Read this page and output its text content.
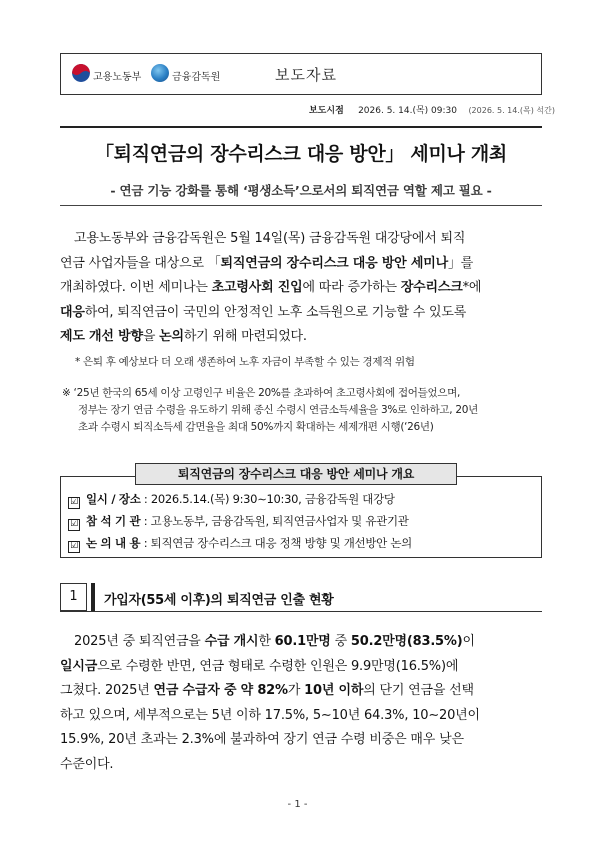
고용노동부	금융감독원	보도자료
보도시점 2026. 5. 14.(목) 09:30 (2026. 5. 14.(목) 석간)
「퇴직연금의 장수리스크 대응 방안」 세미나 개최
- 연금 기능 강화를 통해 ‘평생소득’으로서의 퇴직연금 역할 제고 필요 -
고용노동부와 금융감독원은 5월 14일(목) 금융감독원 대강당에서 퇴직
연금 사업자들을 대상으로 「퇴직연금의 장수리스크 대응 방안 세미나」를
개최하였다. 이번 세미나는 초고령사회 진입에 따라 증가하는 장수리스크*에
대응하여, 퇴직연금이 국민의 안정적인 노후 소득원으로 기능할 수 있도록
제도 개선 방향을 논의하기 위해 마련되었다.
* 은퇴 후 예상보다 더 오래 생존하여 노후 자금이 부족할 수 있는 경제적 위험
※ ‘25년 한국의 65세 이상 고령인구 비율은 20%를 초과하여 초고령사회에 접어들었으며,
정부는 장기 연금 수령을 유도하기 위해 종신 수령시 연금소득세율을 3%로 인하하고, 20년
초과 수령시 퇴직소득세 감면율을 최대 50%까지 확대하는 세제개편 시행(‘26년)
퇴직연금의 장수리스크 대응 방안 세미나 개요
☑ 일시 / 장소 : 2026.5.14.(목) 9:30∼10:30, 금융감독원 대강당
☑ 참 석 기 관 : 고용노동부, 금융감독원, 퇴직연금사업자 및 유관기관
☑ 논 의 내 용 : 퇴직연금 장수리스크 대응 정책 방향 및 개선방안 논의
1	가입자(55세 이후)의 퇴직연금 인출 현황
2025년 중 퇴직연금을 수급 개시한 60.1만명 중 50.2만명(83.5%)이
일시금으로 수령한 반면, 연금 형태로 수령한 인원은 9.9만명(16.5%)에
그쳤다. 2025년 연금 수급자 중 약 82%가 10년 이하의 단기 연금을 선택
하고 있으며, 세부적으로는 5년 이하 17.5%, 5∼10년 64.3%, 10∼20년이
15.9%, 20년 초과는 2.3%에 불과하여 장기 연금 수령 비중은 매우 낮은
수준이다.
- 1 -
